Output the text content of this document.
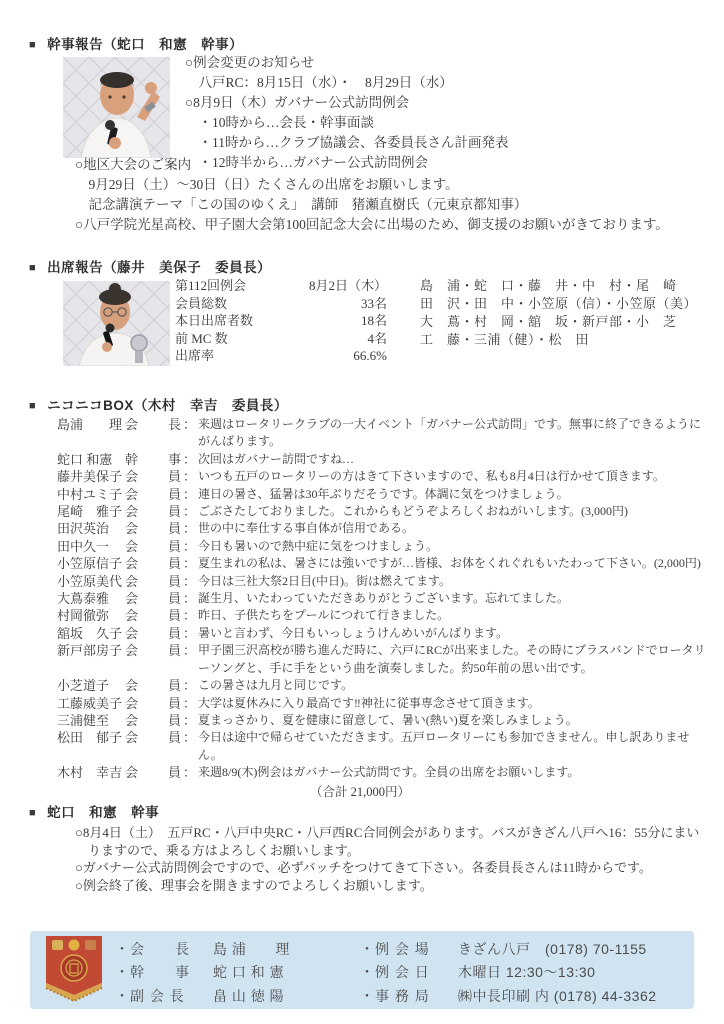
■ 幹事報告（蛇口　和憲　幹事）
○例会変更のお知らせ
　八戸RC：8月15日（水）・　8月29日（水）
○8月9日（木）ガバナー公式訪問例会
　・10時から…会長・幹事面談
　・11時から…クラブ協議会、各委員長さん計画発表
　・12時半から…ガバナー公式訪問例会
○地区大会のご案内
　9月29日（土）～30日（日）たくさんの出席をお願いします。
　記念講演テーマ「この国のゆくえ」　講師　猪瀬直樹氏（元東京都知事）
○八戸学院光星高校、甲子園大会第100回記念大会に出場のため、御支援のお願いがきております。
■ 出席報告（藤井　美保子　委員長）
第112回例会	8月2日（木）
会員総数	33名
本日出席者数	18名
前 MC 数	4名
出席率	66.6%
島　浦・蛇　口・藤　井・中　村・尾　崎
田　沢・田　中・小笠原（信）・小笠原（美）
大　蔦・村　岡・舘　坂・新戸部・小　芝
工　藤・三浦（健）・松　田
■ ニコニコBOX（木村　幸吉　委員長）
島浦　　理 会　長 ： 来週はロータリークラブの一大イベント「ガバナー公式訪問」です。無事に終了できるようにがんばります。
蛇口 和憲 幹　事 ： 次回はガバナー訪問ですね…
藤井美保子 会　員 ： いつも五戸のロータリーの方はきて下さいますので、私も8月4日は行かせて頂きます。
中村ユミ子 会　員 ： 連日の暑さ、猛暑は30年ぶりだそうです。体調に気をつけましょう。
尾崎　雅子 会　員 ： ごぶさたしておりました。これからもどうぞよろしくおねがいします。(3,000円)
田沢英治	会　員 ： 世の中に奉仕する事自体が信用である。
田中久一	会　員 ： 今日も暑いので熱中症に気をつけましょう。
小笠原信子 会　員 ： 夏生まれの私は、暑さには強いですが…皆様、お体をくれぐれもいたわって下さい。(2,000円)
小笠原美代 会　員 ： 今日は三社大祭2日目(中日)。街は燃えてます。
大蔦泰雅	会　員 ： 誕生月、いたわっていただきありがとうございます。忘れてました。
村岡徹弥	会　員 ： 昨日、子供たちをプールにつれて行きました。
舘坂　久子 会　員 ： 暑いと言わず、今日もいっしょうけんめいがんばります。
新戸部房子 会　員 ： 甲子園三沢高校が勝ち進んだ時に、六戸にRCが出来ました。その時にブラスバンドでロータリーソングと、手に手をという曲を演奏しました。約50年前の思い出です。
小芝道子	会　員 ： この暑さは九月と同じです。
工藤威美子 会　員 ： 大学は夏休みに入り最高です‼神社に従事専念させて頂きます。
三浦健至	会　員 ： 夏まっさかり、夏を健康に留意して、暑い(熱い)夏を楽しみましょう。
松田　郁子 会　員 ： 今日は途中で帰らせていただきます。五戸ロータリーにも参加できません。申し訳ありません。
木村　幸吉 会　員 ： 来週8/9(木)例会はガバナー公式訪問です。全員の出席をお願いします。
（合計 21,000円）
■ 蛇口　和憲　幹事
○8月4日（土）　五戸RC・八戸中央RC・八戸西RC合同例会があります。バスがきざん八戸へ16：55分にまいりますので、乗る方はよろしくお願いします。
○ガバナー公式訪問例会ですので、必ずバッチをつけてきて下さい。各委員長さんは11時からです。
○例会終了後、理事会を開きますのでよろしくお願いします。
・会　　長	島 浦　　理
・幹　　事	蛇 口 和 憲
・副 会 長	畠 山 徳 陽
・例 会 場	きざん八戸　(0178) 70-1155
・例 会 日	木曜日 12:30～13:30
・事 務 局	㈱中長印刷 内 (0178) 44-3362
